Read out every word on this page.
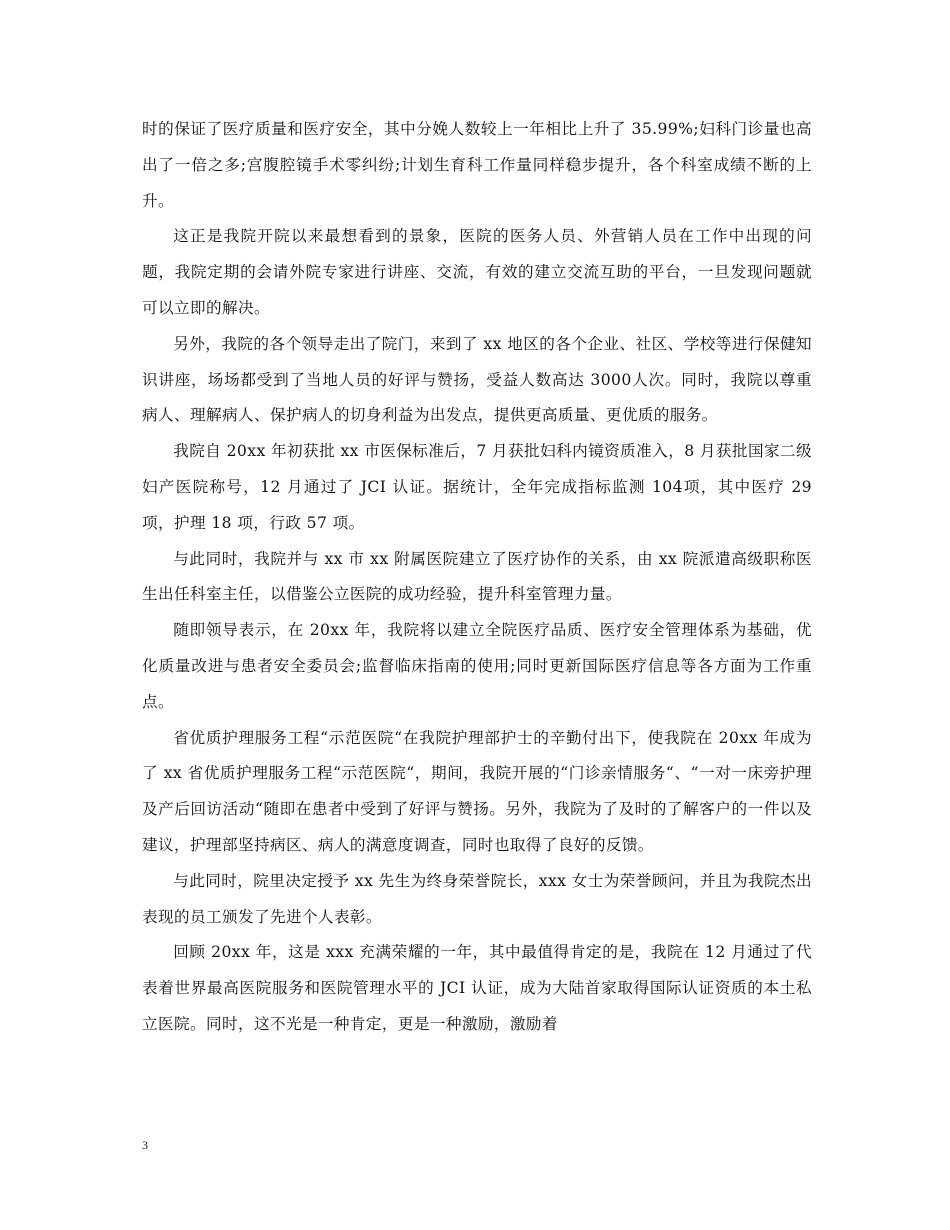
时的保证了医疗质量和医疗安全，其中分娩人数较上一年相比上升了 35.99%;妇科门诊量也高出了一倍之多;宫腹腔镜手术零纠纷;计划生育科工作量同样稳步提升，各个科室成绩不断的上升。

这正是我院开院以来最想看到的景象，医院的医务人员、外营销人员在工作中出现的问题，我院定期的会请外院专家进行讲座、交流，有效的建立交流互助的平台，一旦发现问题就可以立即的解决。

另外，我院的各个领导走出了院门，来到了 xx 地区的各个企业、社区、学校等进行保健知识讲座，场场都受到了当地人员的好评与赞扬，受益人数高达 3000人次。同时，我院以尊重病人、理解病人、保护病人的切身利益为出发点，提供更高质量、更优质的服务。

我院自 20xx 年初获批 xx 市医保标准后，7 月获批妇科内镜资质准入，8 月获批国家二级妇产医院称号，12 月通过了 JCI 认证。据统计，全年完成指标监测 104项，其中医疗 29 项，护理 18 项，行政 57 项。

与此同时，我院并与 xx 市 xx 附属医院建立了医疗协作的关系，由 xx 院派遣高级职称医生出任科室主任，以借鉴公立医院的成功经验，提升科室管理力量。

随即领导表示，在 20xx 年，我院将以建立全院医疗品质、医疗安全管理体系为基础，优化质量改进与患者安全委员会;监督临床指南的使用;同时更新国际医疗信息等各方面为工作重点。

省优质护理服务工程“示范医院“在我院护理部护士的辛勤付出下，使我院在 20xx 年成为了 xx 省优质护理服务工程“示范医院“，期间，我院开展的“门诊亲情服务“、“一对一床旁护理及产后回访活动“随即在患者中受到了好评与赞扬。另外，我院为了及时的了解客户的一件以及建议，护理部坚持病区、病人的满意度调查，同时也取得了良好的反馈。

与此同时，院里决定授予 xx 先生为终身荣誉院长，xxx 女士为荣誉顾问，并且为我院杰出表现的员工颁发了先进个人表彰。

回顾 20xx 年，这是 xxx 充满荣耀的一年，其中最值得肯定的是，我院在 12 月通过了代表着世界最高医院服务和医院管理水平的 JCI 认证，成为大陆首家取得国际认证资质的本土私立医院。同时，这不光是一种肯定，更是一种激励，激励着

3
